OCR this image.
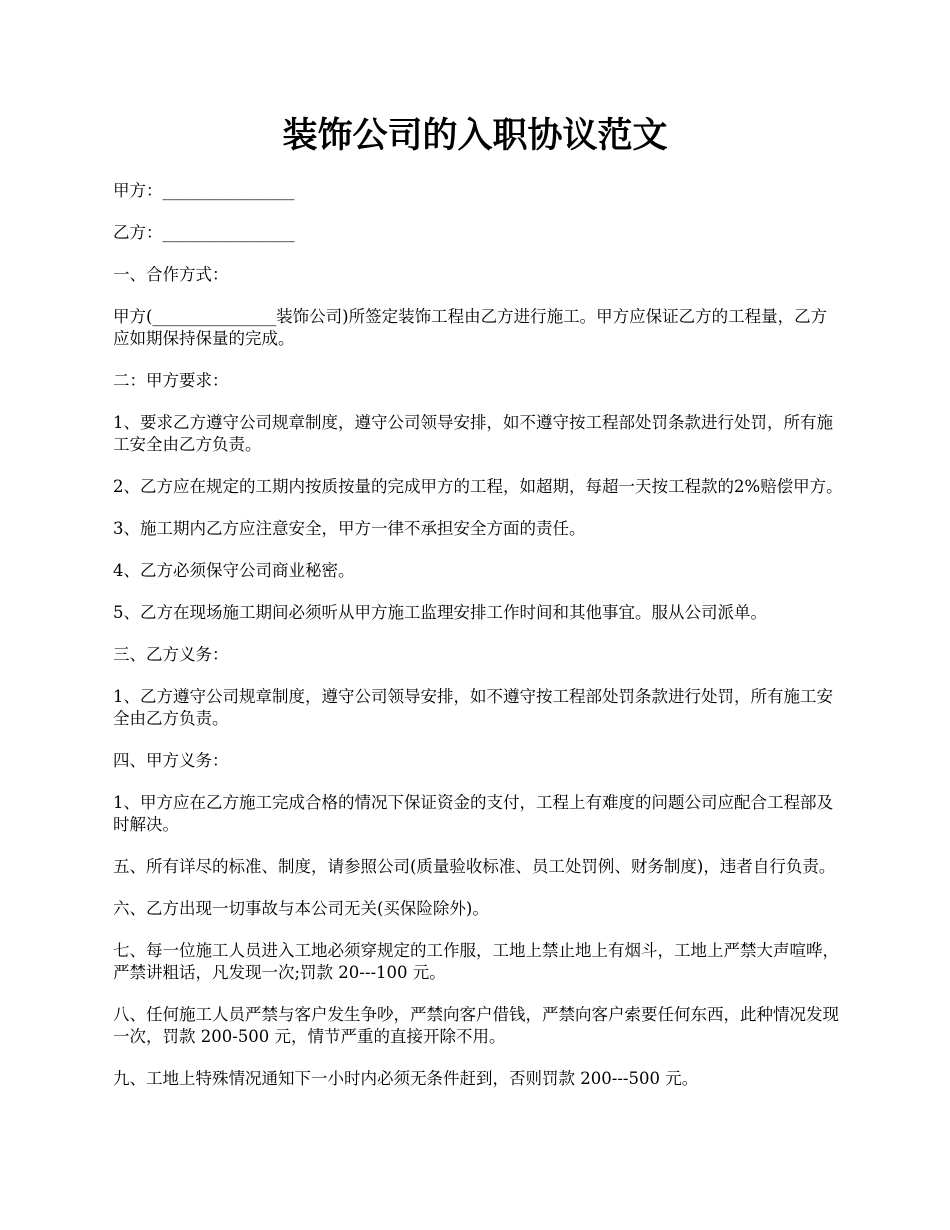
装饰公司的入职协议范文

甲方：________________

乙方：________________

一、合作方式：

甲方(_______________装饰公司)所签定装饰工程由乙方进行施工。甲方应保证乙方的工程量，乙方应如期保持保量的完成。

二：甲方要求：

1、要求乙方遵守公司规章制度，遵守公司领导安排，如不遵守按工程部处罚条款进行处罚，所有施工安全由乙方负责。

2、乙方应在规定的工期内按质按量的完成甲方的工程，如超期，每超一天按工程款的2%赔偿甲方。

3、施工期内乙方应注意安全，甲方一律不承担安全方面的责任。

4、乙方必须保守公司商业秘密。

5、乙方在现场施工期间必须听从甲方施工监理安排工作时间和其他事宜。服从公司派单。

三、乙方义务：

1、乙方遵守公司规章制度，遵守公司领导安排，如不遵守按工程部处罚条款进行处罚，所有施工安全由乙方负责。

四、甲方义务：

1、甲方应在乙方施工完成合格的情况下保证资金的支付，工程上有难度的问题公司应配合工程部及时解决。

五、所有详尽的标准、制度，请参照公司(质量验收标准、员工处罚例、财务制度)，违者自行负责。

六、乙方出现一切事故与本公司无关(买保险除外)。

七、每一位施工人员进入工地必须穿规定的工作服，工地上禁止地上有烟斗，工地上严禁大声喧哗，严禁讲粗话，凡发现一次;罚款 20---100 元。

八、任何施工人员严禁与客户发生争吵，严禁向客户借钱，严禁向客户索要任何东西，此种情况发现一次，罚款 200-500 元，情节严重的直接开除不用。

九、工地上特殊情况通知下一小时内必须无条件赶到，否则罚款 200---500 元。
